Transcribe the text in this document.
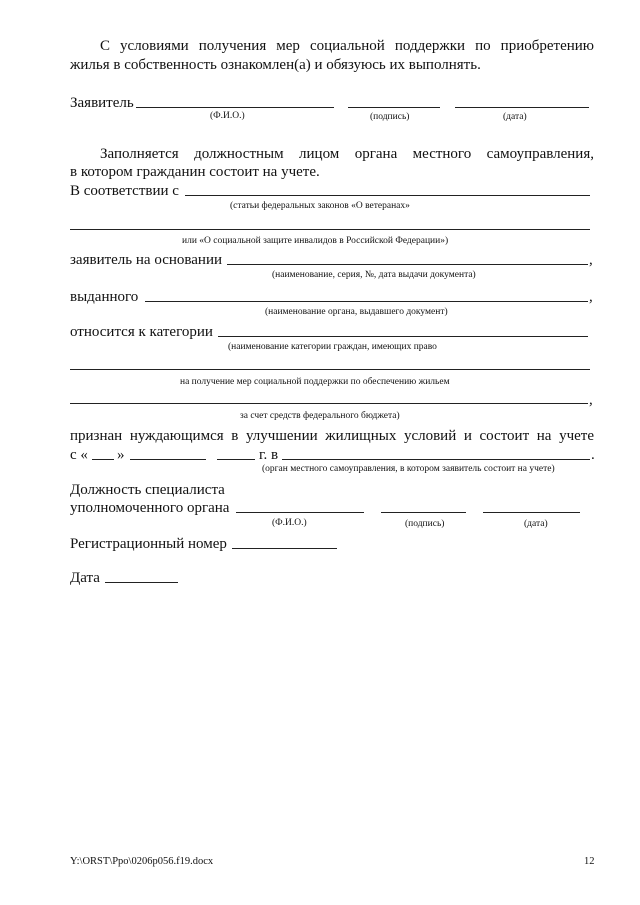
С условиями получения мер социальной поддержки по приобретению
жилья в собственность ознакомлен(а) и обязуюсь их выполнять.
Заявитель
(Ф.И.О.)	(подпись)	(дата)
Заполняется должностным лицом органа местного самоуправления,
в котором гражданин состоит на учете.
В соответствии с
(статьи федеральных законов «О ветеранах»
или «О социальной защите инвалидов в Российской Федерации»)
заявитель на основании	,
(наименование, серия, №, дата выдачи документа)
выданного	,
(наименование органа, выдавшего документ)
относится к категории
(наименование категории граждан, имеющих право
на получение мер социальной поддержки по обеспечению жильем
,
за счет средств федерального бюджета)
признан нуждающимся в улучшении жилищных условий и состоит на учете
с « »	г. в	.
(орган местного самоуправления, в котором заявитель состоит на учете)
Должность специалиста
уполномоченного органа
(Ф.И.О.)	(подпись)	(дата)
Регистрационный номер
Дата
Y:\ORST\Ppo\0206p056.f19.docx	12
